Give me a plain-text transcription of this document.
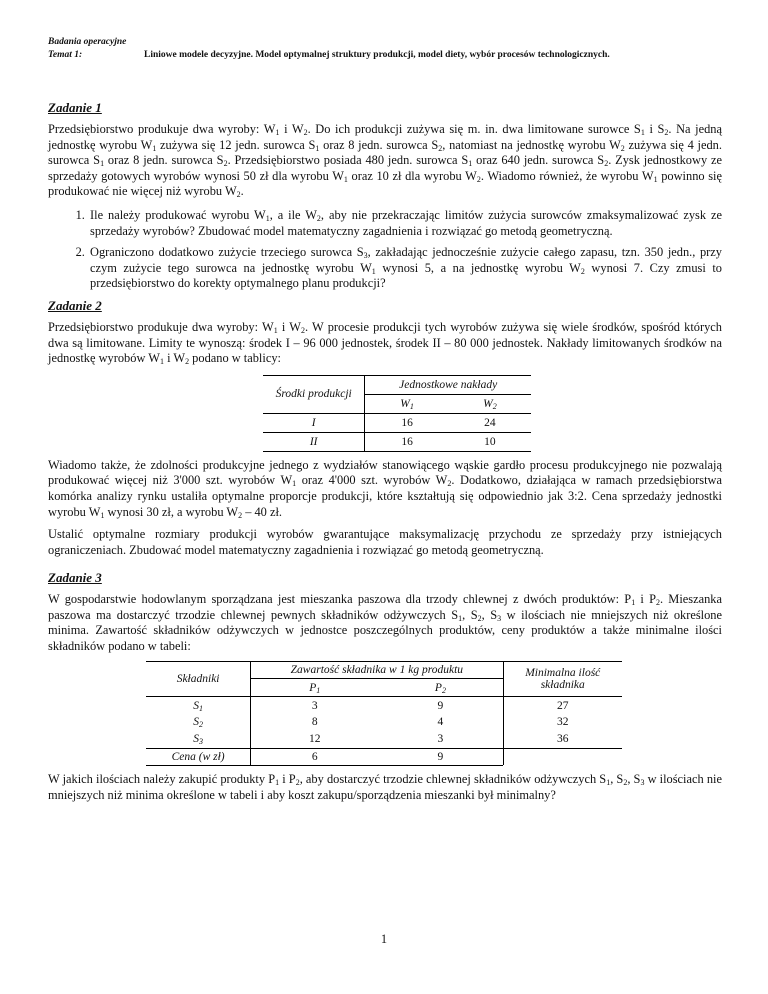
Badania operacyjne
Temat 1:	Liniowe modele decyzyjne. Model optymalnej struktury produkcji, model diety, wybór procesów technologicznych.
Zadanie 1

Przedsiębiorstwo produkuje dwa wyroby: $W_1$ i $W_2$. Do ich produkcji zużywa się m. in. dwa limitowane surowce $S_1$ i $S_2$. Na jedną jednostkę wyrobu $W_1$ zużywa się 12 jedn. surowca $S_1$ oraz 8 jedn. surowca $S_2$, natomiast na jednostkę wyrobu $W_2$ zużywa się 4 jedn. surowca $S_1$ oraz 8 jedn. surowca $S_2$. Przedsiębiorstwo posiada 480 jedn. surowca $S_1$ oraz 640 jedn. surowca $S_2$. Zysk jednostkowy ze sprzedaży gotowych wyrobów wynosi 50 zł dla wyrobu $W_1$ oraz 10 zł dla wyrobu $W_2$. Wiadomo również, że wyrobu $W_1$ powinno się produkować nie więcej niż wyrobu $W_2$.

1. Ile należy produkować wyrobu $W_1$, a ile $W_2$, aby nie przekraczając limitów zużycia surowców zmaksymalizować zysk ze sprzedaży wyrobów? Zbudować model matematyczny zagadnienia i rozwiązać go metodą geometryczną.
2. Ograniczono dodatkowo zużycie trzeciego surowca $S_3$, zakładając jednocześnie zużycie całego zapasu, tzn. 350 jedn., przy czym zużycie tego surowca na jednostkę wyrobu $W_1$ wynosi 5, a na jednostkę wyrobu $W_2$ wynosi 7. Czy zmusi to przedsiębiorstwo do korekty optymalnego planu produkcji?
Zadanie 2

Przedsiębiorstwo produkuje dwa wyroby: $W_1$ i $W_2$. W procesie produkcji tych wyrobów zużywa się wiele środków, spośród których dwa są limitowane. Limity te wynoszą: środek I – 96 000 jednostek, środek II – 80 000 jednostek. Nakłady limitowanych środków na jednostkę wyrobów $W_1$ i $W_2$ podano w tablicy:

Środki produkcji	Jednostkowe nakłady	
	$W_1$	$W_2$
I	16	24
II	16	10

Wiadomo także, że zdolności produkcyjne jednego z wydziałów stanowiącego wąskie gardło procesu produkcyjnego nie pozwalają produkować więcej niż 3'000 szt. wyrobów $W_1$ oraz 4'000 szt. wyrobów $W_2$. Dodatkowo, działająca w ramach przedsiębiorstwa komórka analizy rynku ustaliła optymalne proporcje produkcji, które kształtują się odpowiednio jak 3:2. Cena sprzedaży jednostki wyrobu $W_1$ wynosi 30 zł, a wyrobu $W_2 - 40$ zł.

Ustalić optymalne rozmiary produkcji wyrobów gwarantujące maksymalizację przychodu ze sprzedaży przy istniejących ograniczeniach. Zbudować model matematyczny zagadnienia i rozwiązać go metodą geometryczną.

Zadanie 3

W gospodarstwie hodowlanym sporządzana jest mieszanka paszowa dla trzody chlewnej z dwóch produktów: $P_1$ i $P_2$. Mieszanka paszowa ma dostarczyć trzodzie chlewnej pewnych składników odżywczych $S_1$, $S_2$, $S_3$ w ilościach nie mniejszych niż określone minima. Zawartość składników odżywczych w jednostce poszczególnych produktów, ceny produktów a także minimalne ilości składników podano w tabeli:

Składniki	Zawartość składnika w 1 kg produktu		Minimalna ilość składnika
	$P_1$	$P_2$
$S_1$	3	9	27
$S_2$	8	4	32
$S_3$	12	3	36
Cena (w zł)	6	9	

W jakich ilościach należy zakupić produkty $P_1$ i $P_2$, aby dostarczyć trzodzie chlewnej składników odżywczych $S_1$, $S_2$, $S_3$ w ilościach nie mniejszych niż minima określone w tabeli i aby koszt zakupu/sporządzenia mieszanki był minimalny?

1
